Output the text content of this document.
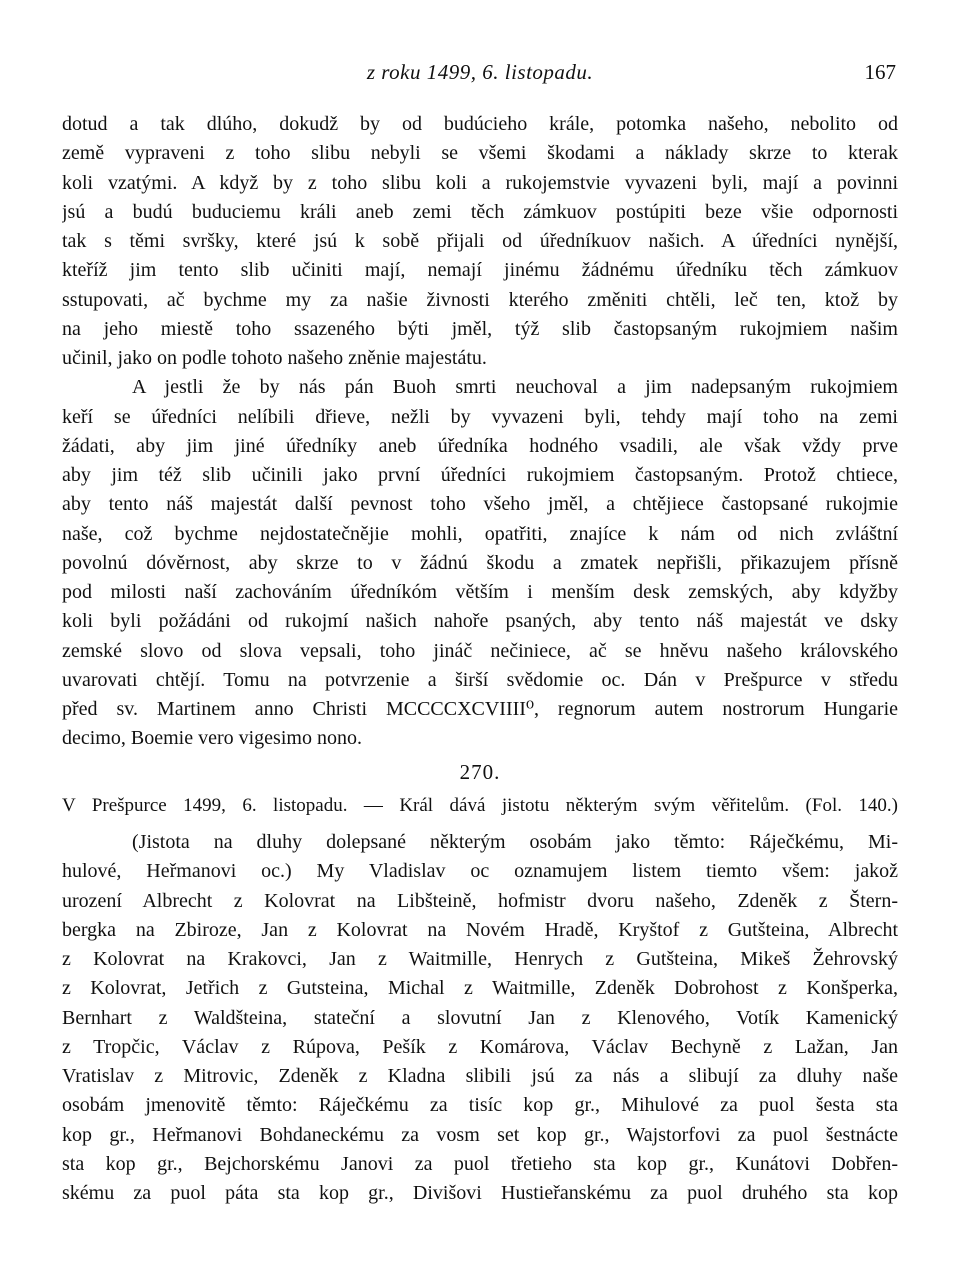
z roku 1499, 6. listopadu.	167
dotud a tak dlúho, dokudž by od budúcieho krále, potomka našeho, nebolito od
země vypraveni z toho slibu nebyli se všemi škodami a náklady skrze to kterak
koli vzatými. A když by z toho slibu koli a rukojemstvie vyvazeni byli, mají a povinni
jsú a budú buduciemu králi aneb zemi těch zámkuov postúpiti beze všie odpornosti
tak s těmi svršky, které jsú k sobě přijali od úředníkuov našich. A úředníci nynější,
kteříž jim tento slib učiniti mají, nemají jinému žádnému úředníku těch zámkuov
sstupovati, ač bychme my za našie živnosti kterého změniti chtěli, leč ten, ktož by
na jeho miestě toho ssazeného býti jměl, týž slib častopsaným rukojmiem našim
učinil, jako on podle tohoto našeho zněnie majestátu.
A jestli že by nás pán Buoh smrti neuchoval a jim nadepsaným rukojmiem
keří se úředníci nelíbili dřieve, nežli by vyvazeni byli, tehdy mají toho na zemi
žádati, aby jim jiné úředníky aneb úředníka hodného vsadili, ale však vždy prve
aby jim též slib učinili jako první úředníci rukojmiem častopsaným. Protož chtiece,
aby tento náš majestát další pevnost toho všeho jměl, a chtějiece častopsané rukojmie
naše, což bychme nejdostatečnějie mohli, opatřiti, znajíce k nám od nich zvláštní
povolnú dóvěrnost, aby skrze to v žádnú škodu a zmatek nepřišli, přikazujem přísně
pod milosti naší zachováním úředníkóm větším i menším desk zemských, aby kdyžby
koli byli požádáni od rukojmí našich nahoře psaných, aby tento náš majestát ve dsky
zemské slovo od slova vepsali, toho jináč nečiniece, ač se hněvu našeho královského
uvarovati chtějí. Tomu na potvrzenie a širší svědomie oc. Dán v Prešpurce v středu
před sv. Martinem anno Christi MCCCCXCVIIII⁰, regnorum autem nostrorum Hungarie
decimo, Boemie vero vigesimo nono.
270.
V Prešpurce 1499, 6. listopadu. — Král dává jistotu některým svým věřitelům. (Fol. 140.)
(Jistota na dluhy dolepsané některým osobám jako těmto: Ráječkému, Mi-
hulové, Heřmanovi oc.) My Vladislav oc oznamujem listem tiemto všem: jakož
urození Albrecht z Kolovrat na Libšteině, hofmistr dvoru našeho, Zdeněk z Štern-
bergka na Zbiroze, Jan z Kolovrat na Novém Hradě, Kryštof z Gutšteina, Albrecht
z Kolovrat na Krakovci, Jan z Waitmille, Henrych z Gutšteina, Mikeš Žehrovský
z Kolovrat, Jetřich z Gutsteina, Michal z Waitmille, Zdeněk Dobrohost z Konšperka,
Bernhart z Waldšteina, stateční a slovutní Jan z Klenového, Votík Kamenický
z Tropčic, Václav z Rúpova, Pešík z Komárova, Václav Bechyně z Lažan, Jan
Vratislav z Mitrovic, Zdeněk z Kladna slibili jsú za nás a slibují za dluhy naše
osobám jmenovitě těmto: Ráječkému za tisíc kop gr., Mihulové za puol šesta sta
kop gr., Heřmanovi Bohdaneckému za vosm set kop gr., Wajstorfovi za puol šestnácte
sta kop gr., Bejchorskému Janovi za puol třetieho sta kop gr., Kunátovi Dobřen-
skému za puol páta sta kop gr., Divišovi Hustieřanskému za puol druhého sta kop
